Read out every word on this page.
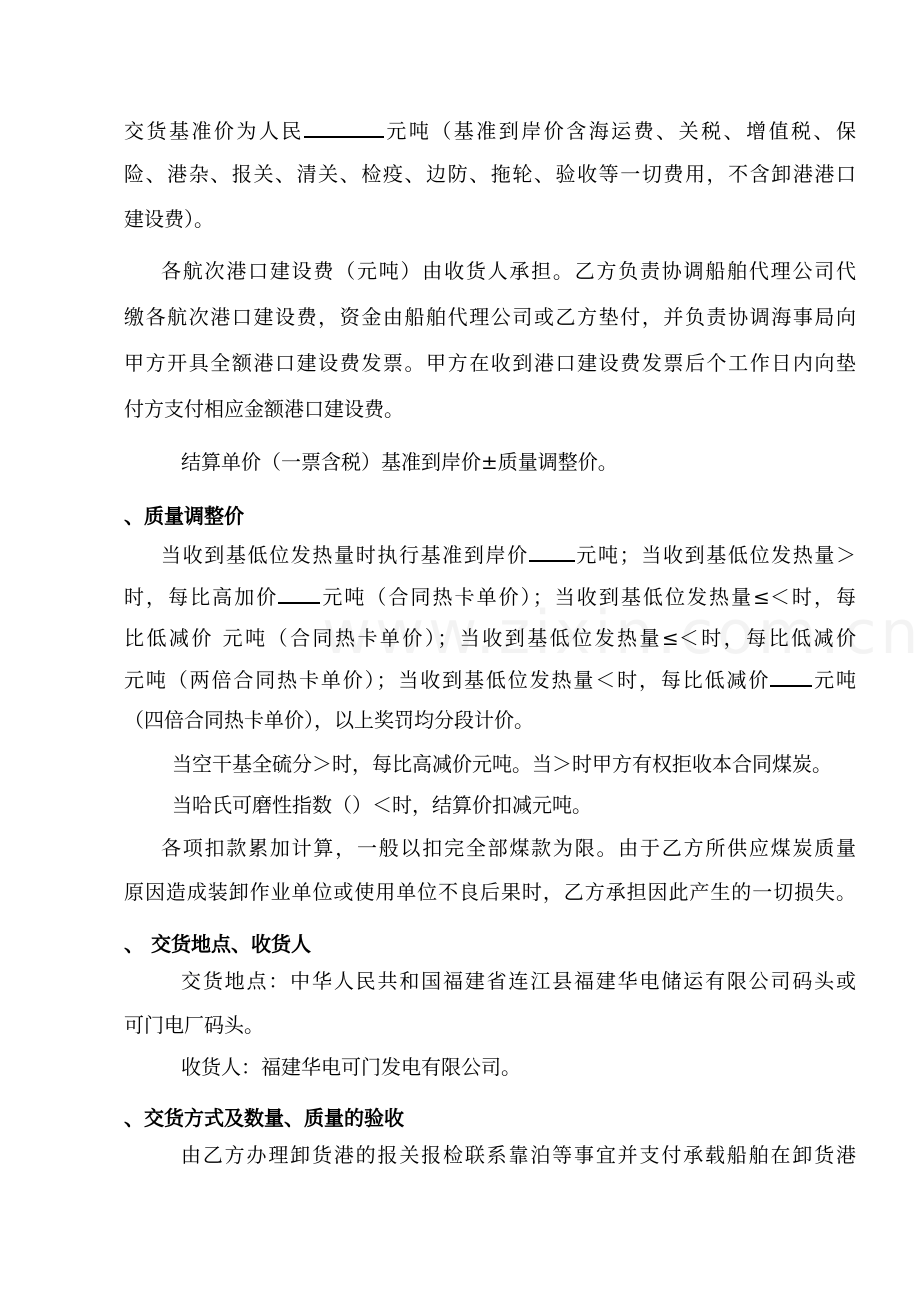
交货基准价为人民	元吨（基准到岸价含海运费、关税、增值税、保
险、港杂、报关、清关、检疫、边防、拖轮、验收等一切费用，不含卸港港口
建设费）。
各航次港口建设费（元吨）由收货人承担。乙方负责协调船舶代理公司代
缴各航次港口建设费，资金由船舶代理公司或乙方垫付，并负责协调海事局向
甲方开具全额港口建设费发票。甲方在收到港口建设费发票后个工作日内向垫
付方支付相应金额港口建设费。
结算单价（一票含税）基准到岸价±质量调整价。
、质量调整价
当收到基低位发热量时执行基准到岸价 元吨；当收到基低位发热量＞
时，每比高加价 元吨（合同热卡单价）；当收到基低位发热量≤＜时，每
比低减价 元吨（合同热卡单价）；当收到基低位发热量≤＜时，每比低减价
元吨（两倍合同热卡单价）；当收到基低位发热量＜时，每比低减价 元吨
（四倍合同热卡单价），以上奖罚均分段计价。
当空干基全硫分＞时，每比高减价元吨。当＞时甲方有权拒收本合同煤炭。
当哈氏可磨性指数（）＜时，结算价扣减元吨。
各项扣款累加计算，一般以扣完全部煤款为限。由于乙方所供应煤炭质量
原因造成装卸作业单位或使用单位不良后果时，乙方承担因此产生的一切损失。
、 交货地点、收货人
交货地点：中华人民共和国福建省连江县福建华电储运有限公司码头或
可门电厂码头。
收货人：福建华电可门发电有限公司。
、交货方式及数量、质量的验收
由乙方办理卸货港的报关报检联系靠泊等事宜并支付承载船舶在卸货港
